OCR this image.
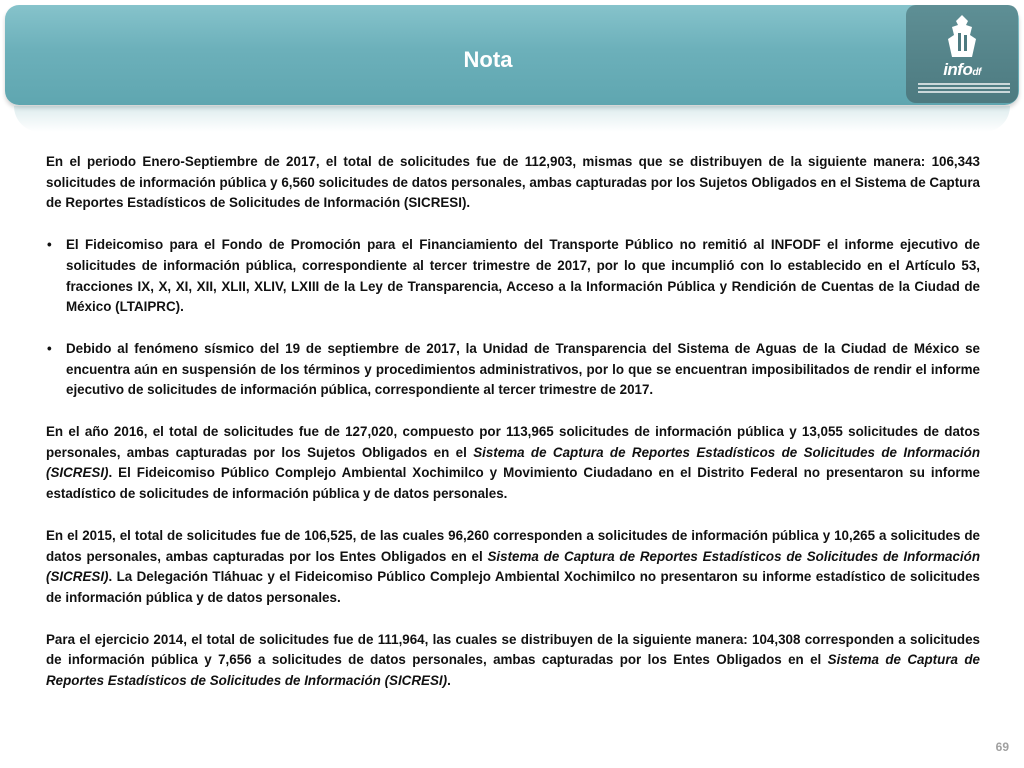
Nota	infodf

En el periodo Enero-Septiembre de 2017, el total de solicitudes fue de 112,903, mismas que se distribuyen de la siguiente manera: 106,343 solicitudes de información pública y 6,560 solicitudes de datos personales, ambas capturadas por los Sujetos Obligados en el Sistema de Captura de Reportes Estadísticos de Solicitudes de Información (SICRESI).

• El Fideicomiso para el Fondo de Promoción para el Financiamiento del Transporte Público no remitió al INFODF el informe ejecutivo de solicitudes de información pública, correspondiente al tercer trimestre de 2017, por lo que incumplió con lo establecido en el Artículo 53, fracciones IX, X, XI, XII, XLII, XLIV, LXIII de la Ley de Transparencia, Acceso a la Información Pública y Rendición de Cuentas de la Ciudad de México (LTAIPRC).
• Debido al fenómeno sísmico del 19 de septiembre de 2017, la Unidad de Transparencia del Sistema de Aguas de la Ciudad de México se encuentra aún en suspensión de los términos y procedimientos administrativos, por lo que se encuentran imposibilitados de rendir el informe ejecutivo de solicitudes de información pública, correspondiente al tercer trimestre de 2017.

En el año 2016, el total de solicitudes fue de 127,020, compuesto por 113,965 solicitudes de información pública y 13,055 solicitudes de datos personales, ambas capturadas por los Sujetos Obligados en el Sistema de Captura de Reportes Estadísticos de Solicitudes de Información (SICRESI). El Fideicomiso Público Complejo Ambiental Xochimilco y Movimiento Ciudadano en el Distrito Federal no presentaron su informe estadístico de solicitudes de información pública y de datos personales.

En el 2015, el total de solicitudes fue de 106,525, de las cuales 96,260 corresponden a solicitudes de información pública y 10,265 a solicitudes de datos personales, ambas capturadas por los Entes Obligados en el Sistema de Captura de Reportes Estadísticos de Solicitudes de Información (SICRESI). La Delegación Tláhuac y el Fideicomiso Público Complejo Ambiental Xochimilco no presentaron su informe estadístico de solicitudes de información pública y de datos personales.

Para el ejercicio 2014, el total de solicitudes fue de 111,964, las cuales se distribuyen de la siguiente manera: 104,308 corresponden a solicitudes de información pública y 7,656 a solicitudes de datos personales, ambas capturadas por los Entes Obligados en el Sistema de Captura de Reportes Estadísticos de Solicitudes de Información (SICRESI).

69
